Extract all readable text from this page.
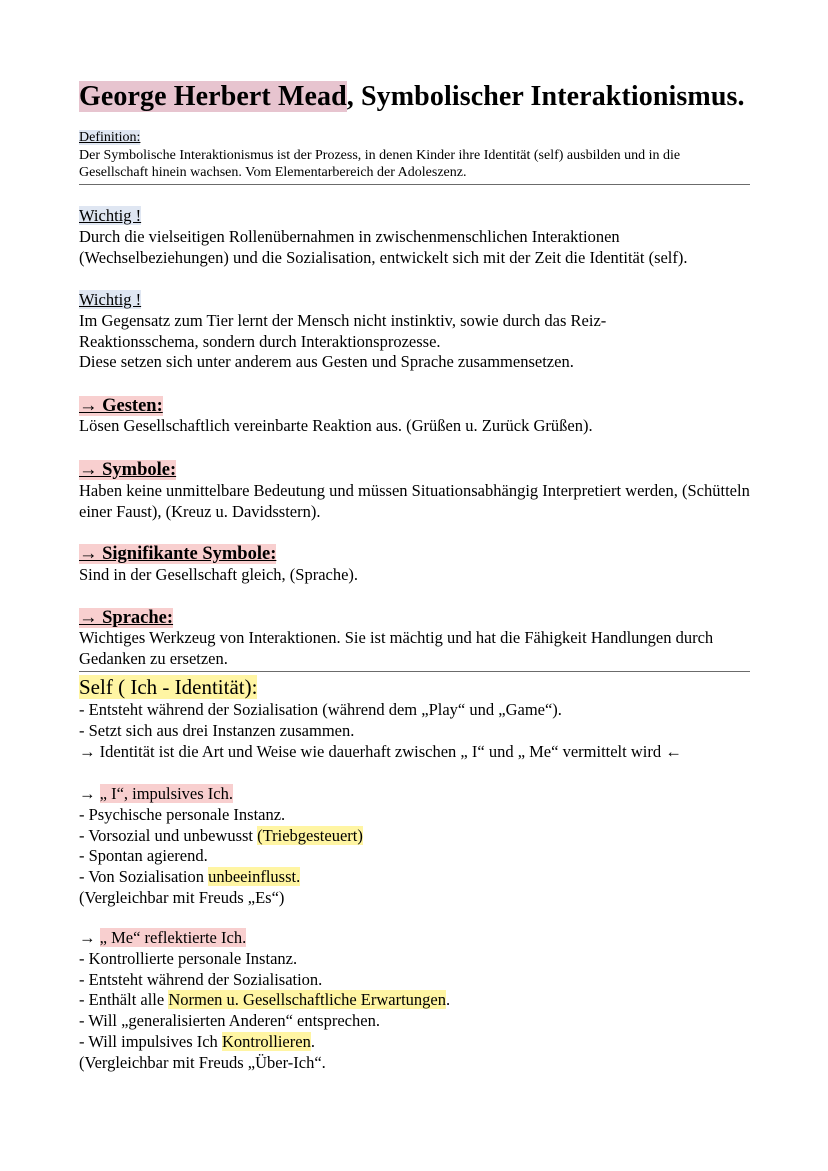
George Herbert Mead, Symbolischer Interaktionismus.
Definition:
Der Symbolische Interaktionismus ist der Prozess, in denen Kinder ihre Identität (self) ausbilden und in die Gesellschaft hinein wachsen. Vom Elementarbereich der Adoleszenz.
Wichtig !
Durch die vielseitigen Rollenübernahmen in zwischenmenschlichen Interaktionen (Wechselbeziehungen) und die Sozialisation, entwickelt sich mit der Zeit die Identität (self).
Wichtig !
Im Gegensatz zum Tier lernt der Mensch nicht instinktiv, sowie durch das Reiz-Reaktionsschema, sondern durch Interaktionsprozesse.
Diese setzen sich unter anderem aus Gesten und Sprache zusammensetzen.
→ Gesten:
Lösen Gesellschaftlich vereinbarte Reaktion aus. (Grüßen u. Zurück Grüßen).
→ Symbole:
Haben keine unmittelbare Bedeutung und müssen Situationsabhängig Interpretiert werden, (Schütteln einer Faust), (Kreuz u. Davidsstern).
→ Signifikante Symbole:
Sind in der Gesellschaft gleich, (Sprache).
→ Sprache:
Wichtiges Werkzeug von Interaktionen. Sie ist mächtig und hat die Fähigkeit Handlungen durch Gedanken zu ersetzen.
Self ( Ich - Identität):
- Entsteht während der Sozialisation (während dem „Play“ und „Game“).
- Setzt sich aus drei Instanzen zusammen.
→ Identität ist die Art und Weise wie dauerhaft zwischen „ I“ und „ Me“ vermittelt wird ←
→ „ I“, impulsives Ich.
- Psychische personale Instanz.
- Vorsozial und unbewusst (Triebgesteuert)
- Spontan agierend.
- Von Sozialisation unbeeinflusst.
(Vergleichbar mit Freuds „Es“)
→ „ Me“ reflektierte Ich.
- Kontrollierte personale Instanz.
- Entsteht während der Sozialisation.
- Enthält alle Normen u. Gesellschaftliche Erwartungen.
- Will „generalisierten Anderen“ entsprechen.
- Will impulsives Ich Kontrollieren.
(Vergleichbar mit Freuds „Über-Ich“.
